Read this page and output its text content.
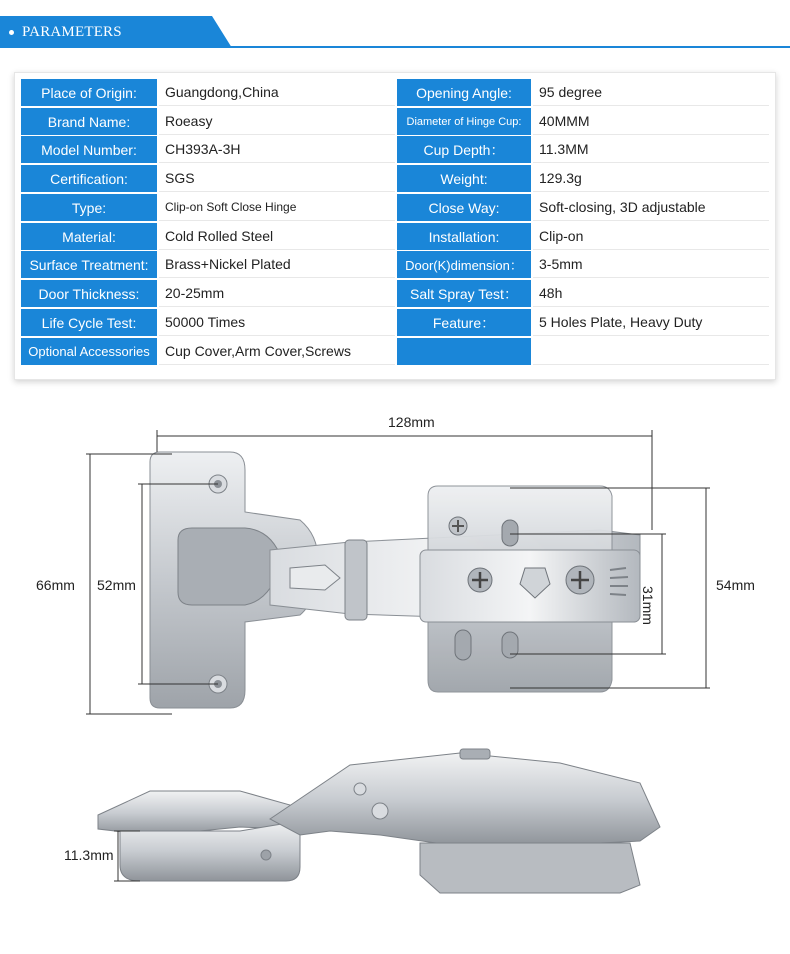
PARAMETERS
Place of Origin:	Guangdong,China	Opening Angle:	95 degree
Brand Name:	Roeasy	Diameter of Hinge Cup:	40MMM
Model Number:	CH393A-3H	Cup Depth：	11.3MM
Certification:	SGS	Weight:	129.3g
Type:	Clip-on Soft Close Hinge	Close Way:	Soft-closing, 3D adjustable
Material:	Cold Rolled Steel	Installation:	Clip-on
Surface Treatment:	Brass+Nickel Plated	Door(K)dimension：	3-5mm
Door Thickness:	20-25mm	Salt Spray Test：	48h
Life Cycle Test:	50000 Times	Feature：	5 Holes Plate, Heavy Duty
Optional Accessories	Cup Cover,Arm Cover,Screws
128mm
66mm 52mm	54mm
31mm
11.3mm
